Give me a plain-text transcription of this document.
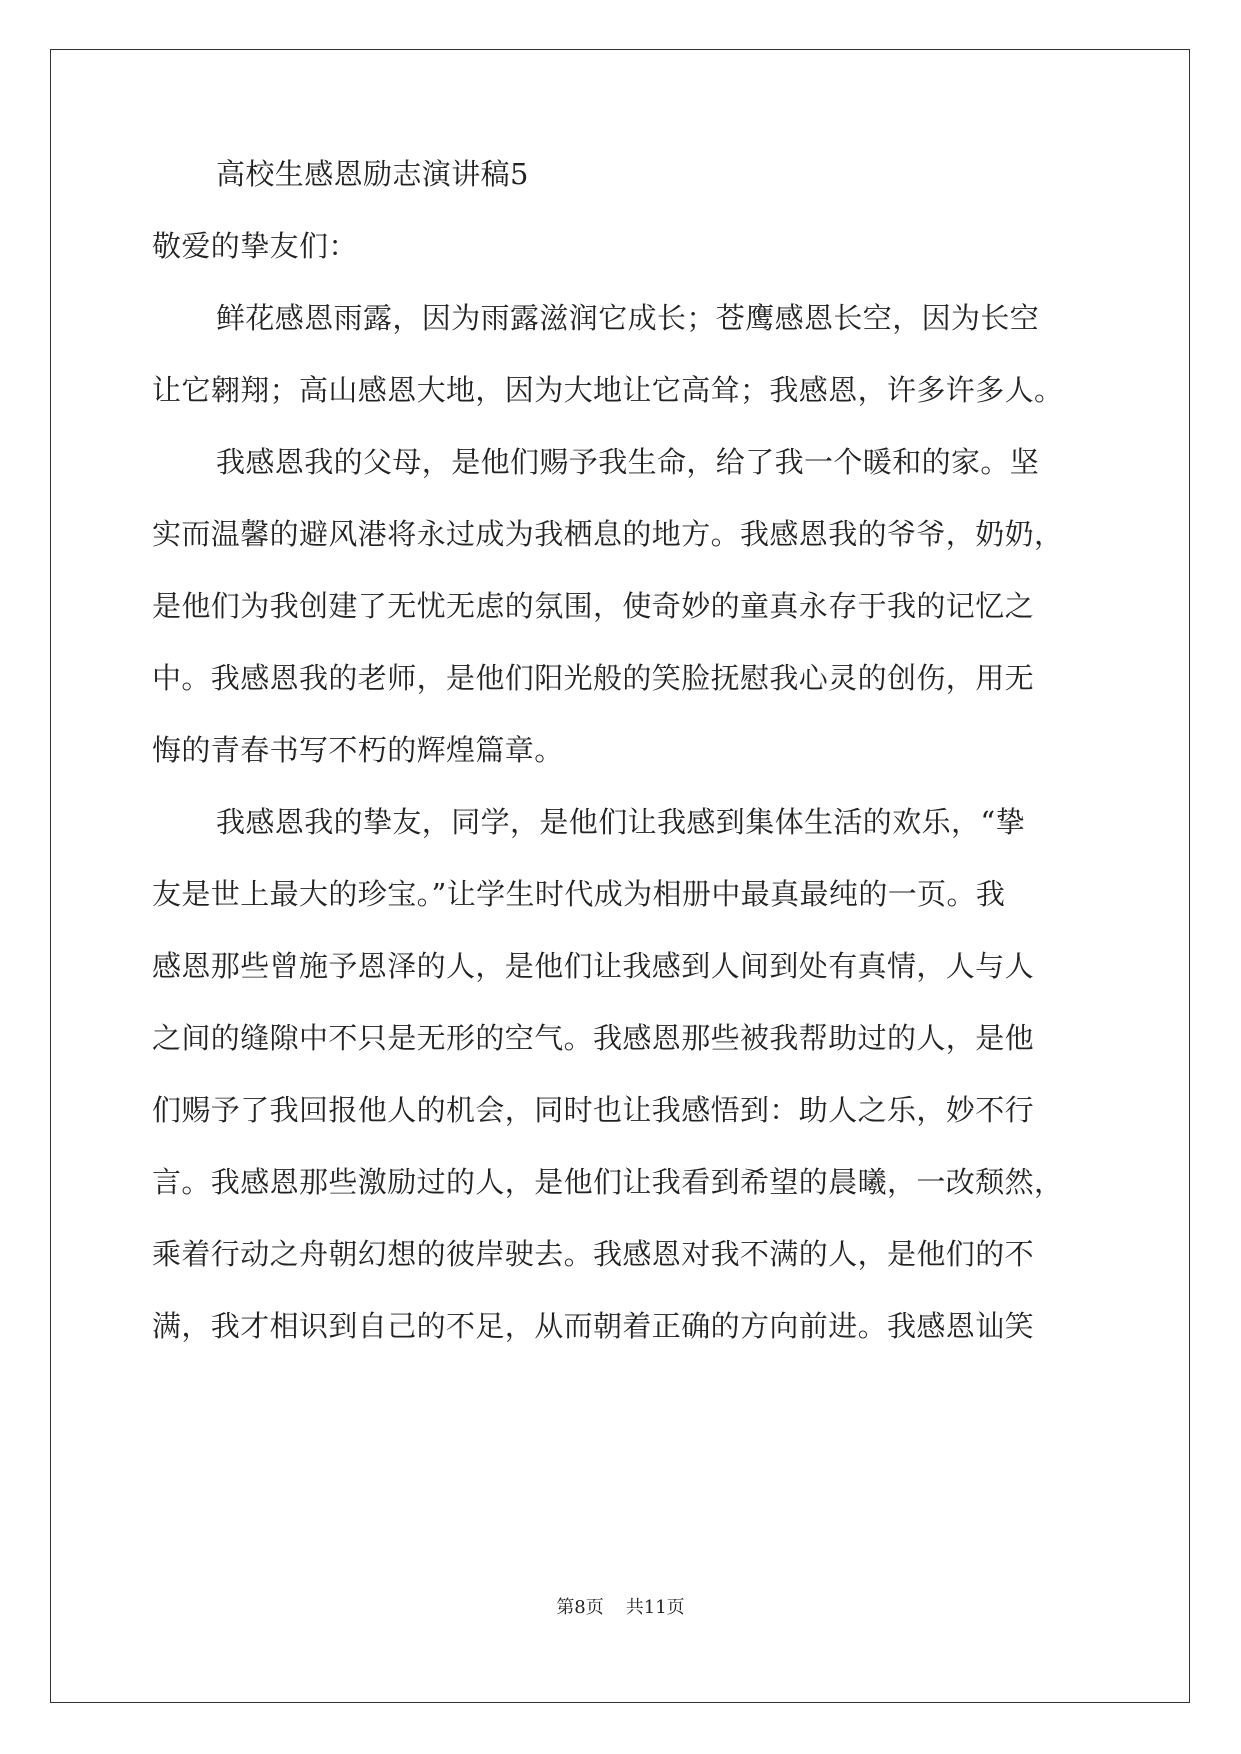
高校生感恩励志演讲稿5
敬爱的挚友们：
鲜花感恩雨露，因为雨露滋润它成长；苍鹰感恩长空，因为长空
让它翱翔；高山感恩大地，因为大地让它高耸；我感恩，许多许多人。
我感恩我的父母，是他们赐予我生命，给了我一个暖和的家。坚
实而温馨的避风港将永过成为我栖息的地方。我感恩我的爷爷，奶奶，
是他们为我创建了无忧无虑的氛围，使奇妙的童真永存于我的记忆之
中。我感恩我的老师，是他们阳光般的笑脸抚慰我心灵的创伤，用无
悔的青春书写不朽的辉煌篇章。
我感恩我的挚友，同学，是他们让我感到集体生活的欢乐，“挚
友是世上最大的珍宝。”让学生时代成为相册中最真最纯的一页。我
感恩那些曾施予恩泽的人，是他们让我感到人间到处有真情，人与人
之间的缝隙中不只是无形的空气。我感恩那些被我帮助过的人，是他
们赐予了我回报他人的机会，同时也让我感悟到：助人之乐，妙不行
言。我感恩那些激励过的人，是他们让我看到希望的晨曦，一改颓然，
乘着行动之舟朝幻想的彼岸驶去。我感恩对我不满的人，是他们的不
满，我才相识到自己的不足，从而朝着正确的方向前进。我感恩讪笑
第8页 共11页
